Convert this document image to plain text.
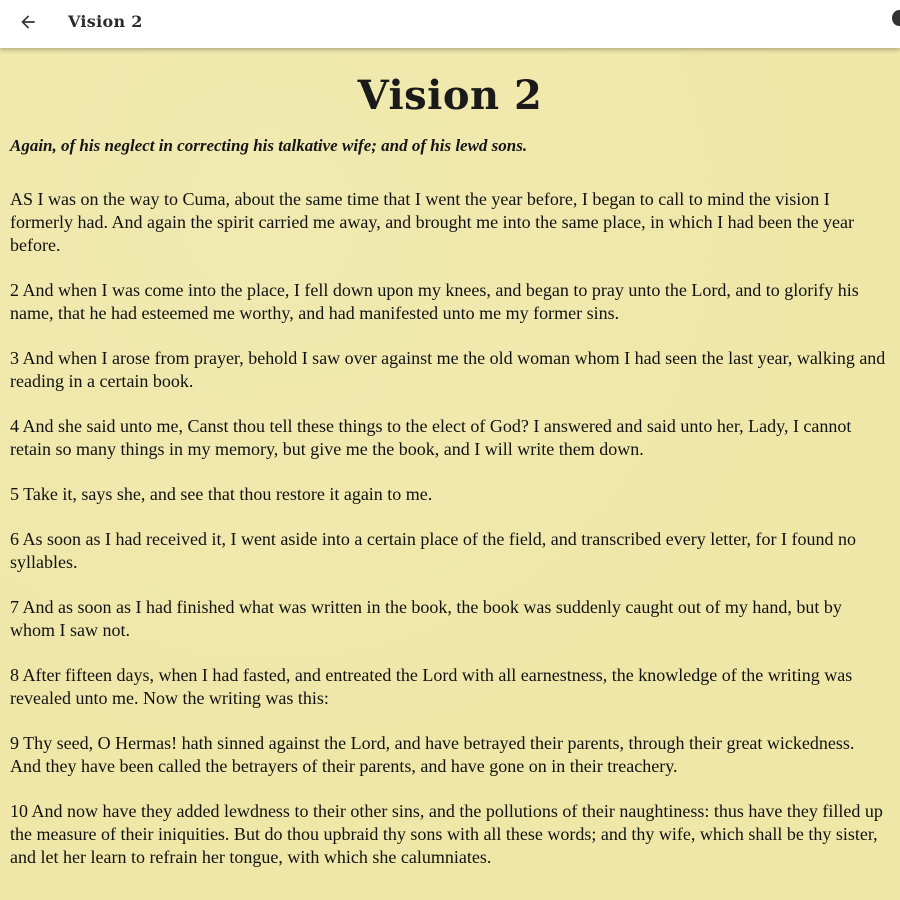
Vision 2
Vision 2
Again, of his neglect in correcting his talkative wife; and of his lewd sons.

AS I was on the way to Cuma, about the same time that I went the year before, I began to call to mind the vision I formerly had. And again the spirit carried me away, and brought me into the same place, in which I had been the year before.

2 And when I was come into the place, I fell down upon my knees, and began to pray unto the Lord, and to glorify his name, that he had esteemed me worthy, and had manifested unto me my former sins.

3 And when I arose from prayer, behold I saw over against me the old woman whom I had seen the last year, walking and reading in a certain book.

4 And she said unto me, Canst thou tell these things to the elect of God? I answered and said unto her, Lady, I cannot retain so many things in my memory, but give me the book, and I will write them down.

5 Take it, says she, and see that thou restore it again to me.

6 As soon as I had received it, I went aside into a certain place of the field, and transcribed every letter, for I found no syllables.

7 And as soon as I had finished what was written in the book, the book was suddenly caught out of my hand, but by whom I saw not.

8 After fifteen days, when I had fasted, and entreated the Lord with all earnestness, the knowledge of the writing was revealed unto me. Now the writing was this:

9 Thy seed, O Hermas! hath sinned against the Lord, and have betrayed their parents, through their great wickedness. And they have been called the betrayers of their parents, and have gone on in their treachery.

10 And now have they added lewdness to their other sins, and the pollutions of their naughtiness: thus have they filled up the measure of their iniquities. But do thou upbraid thy sons with all these words; and thy wife, which shall be thy sister, and let her learn to refrain her tongue, with which she calumniates.
